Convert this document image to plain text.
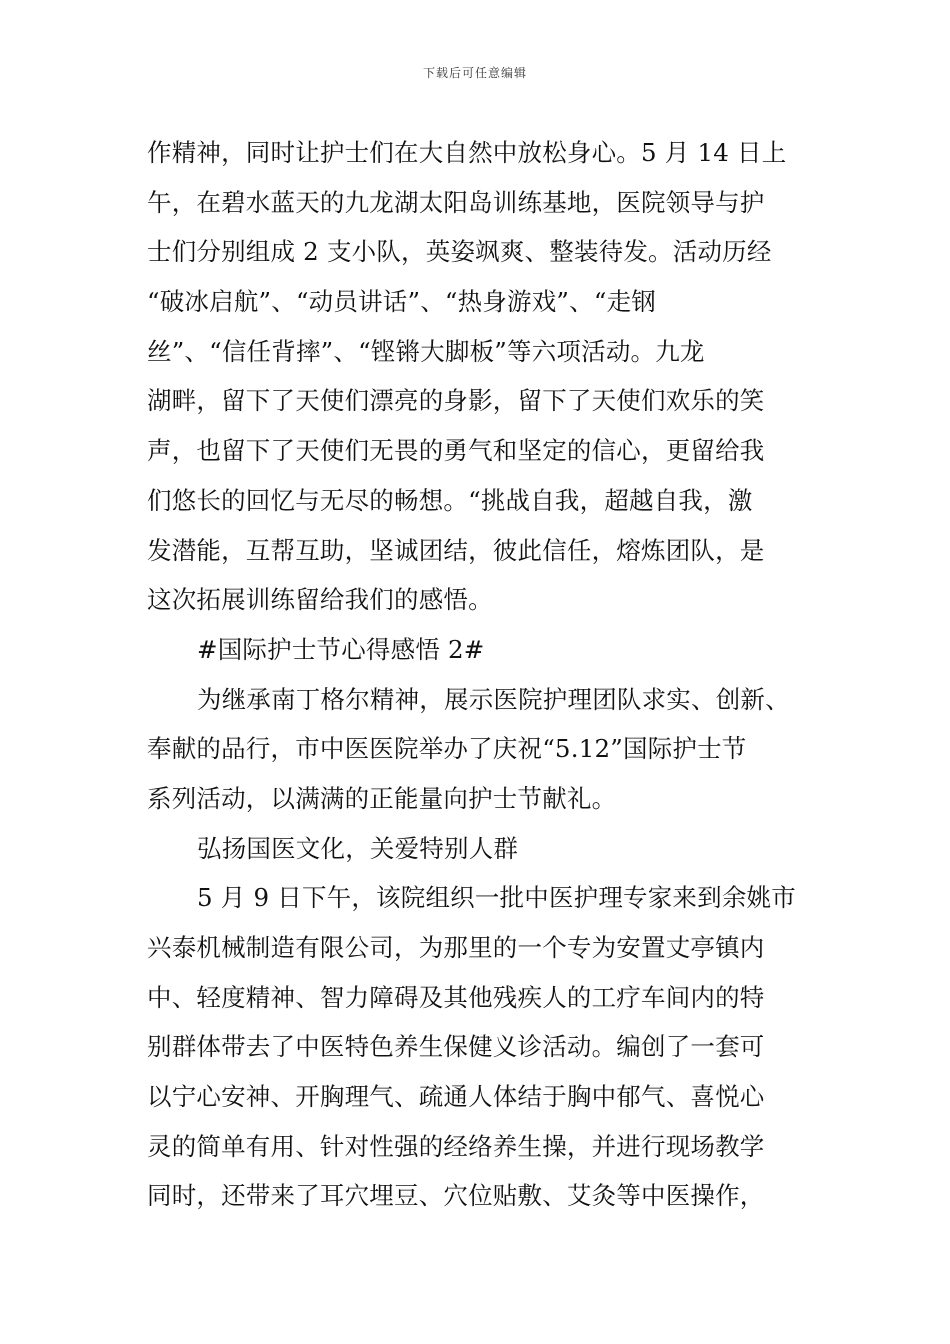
下载后可任意编辑
作精神，同时让护士们在大自然中放松身心。5 月 14 日上
午，在碧水蓝天的九龙湖太阳岛训练基地，医院领导与护
士们分别组成 2 支小队，英姿飒爽、整装待发。活动历经
“破冰启航”、“动员讲话”、“热身游戏”、“走钢
丝”、“信任背摔”、“铿锵大脚板”等六项活动。九龙
湖畔，留下了天使们漂亮的身影，留下了天使们欢乐的笑
声，也留下了天使们无畏的勇气和坚定的信心，更留给我
们悠长的回忆与无尽的畅想。“挑战自我，超越自我，激
发潜能，互帮互助，坚诚团结，彼此信任，熔炼团队，是
这次拓展训练留给我们的感悟。
#国际护士节心得感悟 2#
为继承南丁格尔精神，展示医院护理团队求实、创新、
奉献的品行，市中医医院举办了庆祝“5.12”国际护士节
系列活动，以满满的正能量向护士节献礼。
弘扬国医文化，关爱特别人群
5 月 9 日下午，该院组织一批中医护理专家来到余姚市
兴泰机械制造有限公司，为那里的一个专为安置丈亭镇内
中、轻度精神、智力障碍及其他残疾人的工疗车间内的特
别群体带去了中医特色养生保健义诊活动。编创了一套可
以宁心安神、开胸理气、疏通人体结于胸中郁气、喜悦心
灵的简单有用、针对性强的经络养生操，并进行现场教学
同时，还带来了耳穴埋豆、穴位贴敷、艾灸等中医操作，
